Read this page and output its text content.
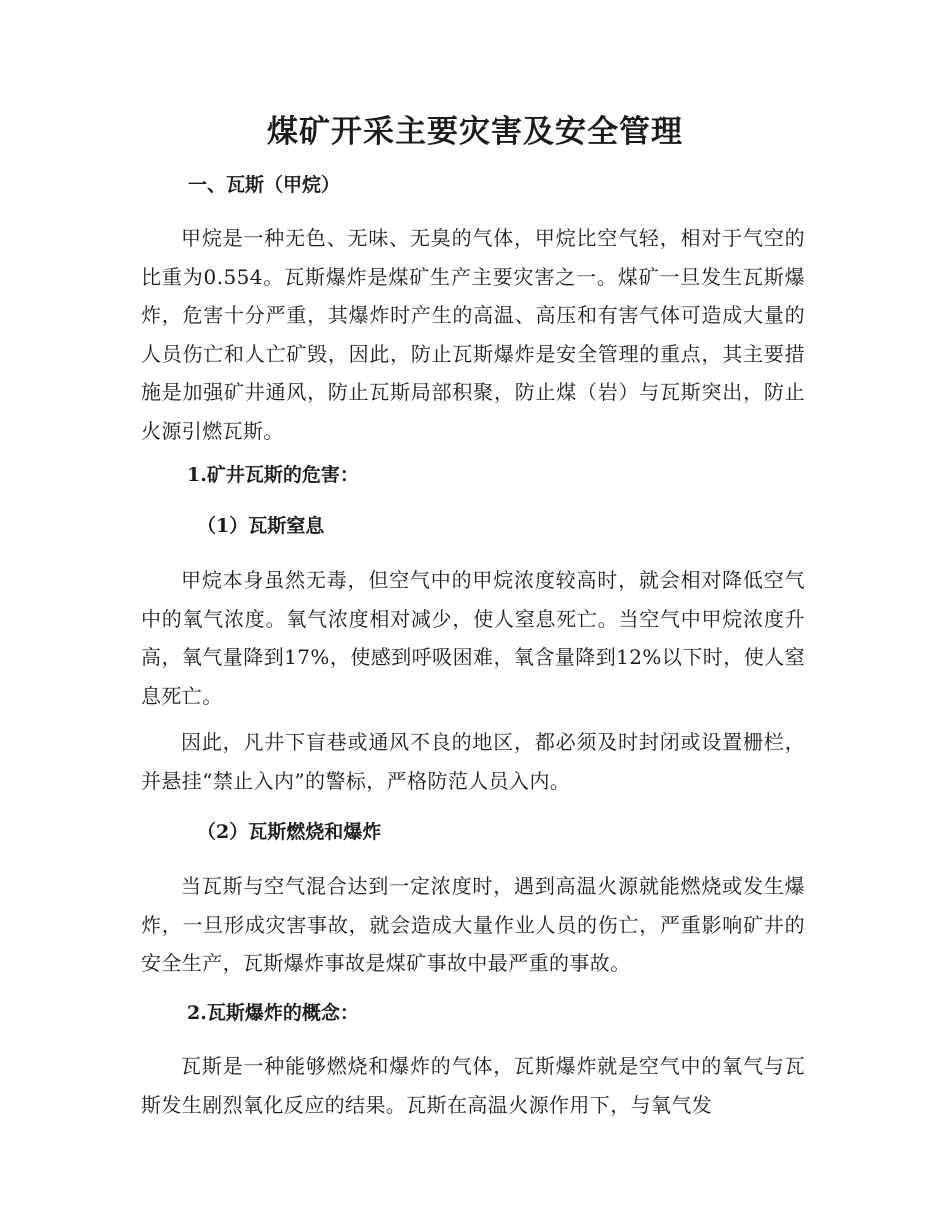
煤矿开采主要灾害及安全管理
一、瓦斯（甲烷）

甲烷是一种无色、无味、无臭的气体，甲烷比空气轻，相对于气空的比重为0.554。瓦斯爆炸是煤矿生产主要灾害之一。煤矿一旦发生瓦斯爆炸，危害十分严重，其爆炸时产生的高温、高压和有害气体可造成大量的人员伤亡和人亡矿毁，因此，防止瓦斯爆炸是安全管理的重点，其主要措施是加强矿井通风，防止瓦斯局部积聚，防止煤（岩）与瓦斯突出，防止火源引燃瓦斯。

1.矿井瓦斯的危害：
（1）瓦斯窒息

甲烷本身虽然无毒，但空气中的甲烷浓度较高时，就会相对降低空气中的氧气浓度。氧气浓度相对减少，使人窒息死亡。当空气中甲烷浓度升高，氧气量降到17%，使感到呼吸困难，氧含量降到12%以下时，使人窒息死亡。

因此，凡井下盲巷或通风不良的地区，都必须及时封闭或设置栅栏，并悬挂“禁止入内”的警标，严格防范人员入内。

（2）瓦斯燃烧和爆炸

当瓦斯与空气混合达到一定浓度时，遇到高温火源就能燃烧或发生爆炸，一旦形成灾害事故，就会造成大量作业人员的伤亡，严重影响矿井的安全生产，瓦斯爆炸事故是煤矿事故中最严重的事故。

2.瓦斯爆炸的概念：

瓦斯是一种能够燃烧和爆炸的气体，瓦斯爆炸就是空气中的氧气与瓦斯发生剧烈氧化反应的结果。瓦斯在高温火源作用下，与氧气发
